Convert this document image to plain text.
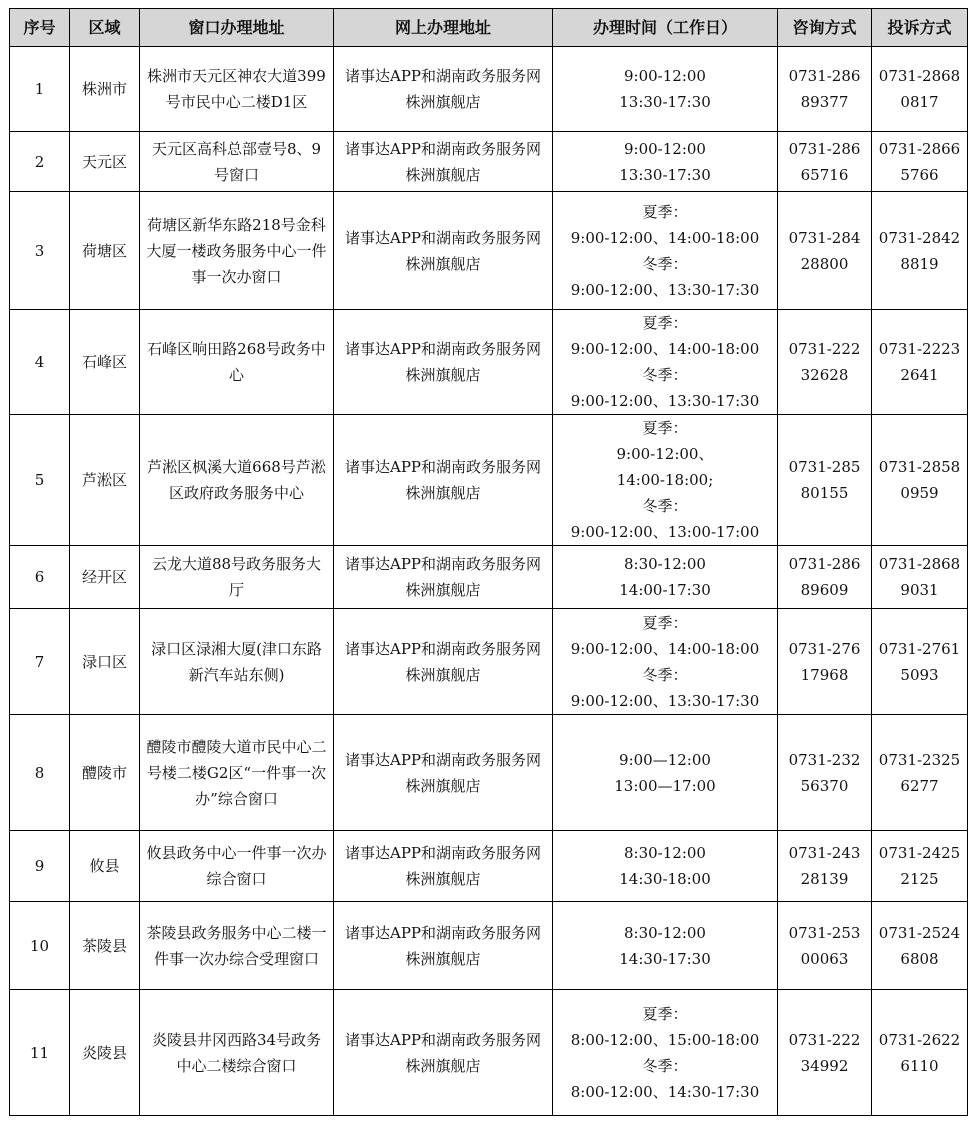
序号	区域	窗口办理地址	网上办理地址	办理时间（工作日）	咨询方式	投诉方式
1	株洲市	株洲市天元区神农大道399号市民中心二楼D1区	诸事达APP和湖南政务服务网株洲旗舰店	9:00-12:00
13:30-17:30	0731-28689377	0731-28680817
2	天元区	天元区高科总部壹号8、9号窗口	诸事达APP和湖南政务服务网株洲旗舰店	9:00-12:00
13:30-17:30	0731-28665716	0731-28665766
3	荷塘区	荷塘区新华东路218号金科大厦一楼政务服务中心一件事一次办窗口	诸事达APP和湖南政务服务网株洲旗舰店	夏季：
9:00-12:00、14:00-18:00
冬季：
9:00-12:00、13:30-17:30	0731-28428800	0731-28428819
4	石峰区	石峰区响田路268号政务中心	诸事达APP和湖南政务服务网株洲旗舰店	夏季：
9:00-12:00、14:00-18:00
冬季：
9:00-12:00、13:30-17:30	0731-22232628	0731-22232641
5	芦淞区	芦淞区枫溪大道668号芦淞区政府政务服务中心	诸事达APP和湖南政务服务网株洲旗舰店	夏季：
9:00-12:00、
14:00-18:00;
冬季：
9:00-12:00、13:00-17:00	0731-28580155	0731-28580959
6	经开区	云龙大道88号政务服务大厅	诸事达APP和湖南政务服务网株洲旗舰店	8:30-12:00
14:00-17:30	0731-28689609	0731-28689031
7	渌口区	渌口区渌湘大厦(津口东路新汽车站东侧)	诸事达APP和湖南政务服务网株洲旗舰店	夏季：
9:00-12:00、14:00-18:00
冬季：
9:00-12:00、13:30-17:30	0731-27617968	0731-27615093
8	醴陵市	醴陵市醴陵大道市民中心二号楼二楼G2区“一件事一次办”综合窗口	诸事达APP和湖南政务服务网株洲旗舰店	9:00—12:00
13:00—17:00	0731-23256370	0731-23256277
9	攸县	攸县政务中心一件事一次办综合窗口	诸事达APP和湖南政务服务网株洲旗舰店	8:30-12:00
14:30-18:00	0731-24328139	0731-24252125
10	茶陵县	茶陵县政务服务中心二楼一件事一次办综合受理窗口	诸事达APP和湖南政务服务网株洲旗舰店	8:30-12:00
14:30-17:30	0731-25300063	0731-25246808
11	炎陵县	炎陵县井冈西路34号政务中心二楼综合窗口	诸事达APP和湖南政务服务网株洲旗舰店	夏季：
8:00-12:00、15:00-18:00
冬季：
8:00-12:00、14:30-17:30	0731-22234992	0731-26226110
